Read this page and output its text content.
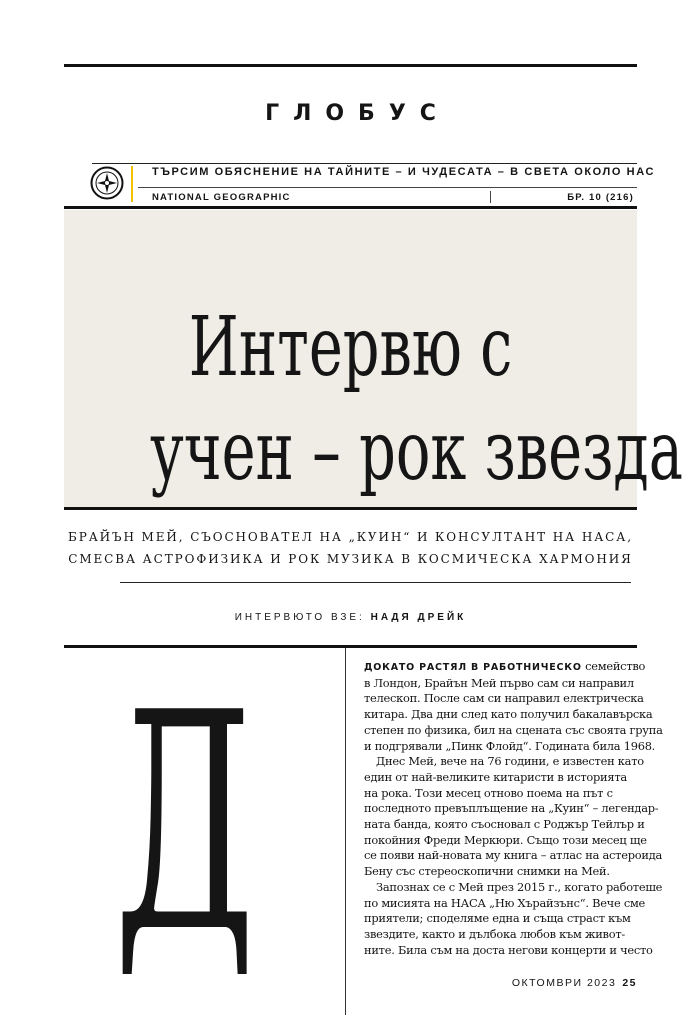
ГЛОБУС
ТЪРСИМ ОБЯСНЕНИЕ НА ТАЙНИТЕ – И ЧУДЕСАТА – В СВЕТА ОКОЛО НАС
NATIONAL GEOGRAPHIC	БР. 10 (216)
Интервю с
учен – рок звезда
БРАЙЪН МЕЙ, СЪОСНОВАТЕЛ НА „КУИН“ И КОНСУЛТАНТ НА НАСА,
СМЕСВА АСТРОФИЗИКА И РОК МУЗИКА В КОСМИЧЕСКА ХАРМОНИЯ
ИНТЕРВЮТО ВЗЕ: НАДЯ ДРЕЙК
Д	ДОКАТО РАСТЯЛ В РАБОТНИЧЕСКО семейство

в Лондон, Брайън Мей първо сам си направил

телескоп. После сам си направил електрическа

китара. Два дни след като получил бакалавърска

степен по физика, бил на сцената със своята група

и подгрявали „Пинк Флойд“. Годината била 1968.

Днес Мей, вече на 76 години, е известен като

един от най-великите китаристи в историята

на рока. Този месец отново поема на път с

последното превъплъщение на „Куин“ – легендар-

ната банда, която съосновал с Роджър Тейлър и

покойния Фреди Меркюри. Също този месец ще

се появи най-новата му книга – атлас на астероида

Бену със стереоскопични снимки на Мей.

Запознах се с Мей през 2015 г., когато работеше

по мисията на НАСА „Ню Хърайзънс“. Вече сме

приятели; споделяме една и съща страст към

звездите, както и дълбока любов към живот-

ните. Била съм на доста негови концерти и често

ОКТОМВРИ 2023 25
